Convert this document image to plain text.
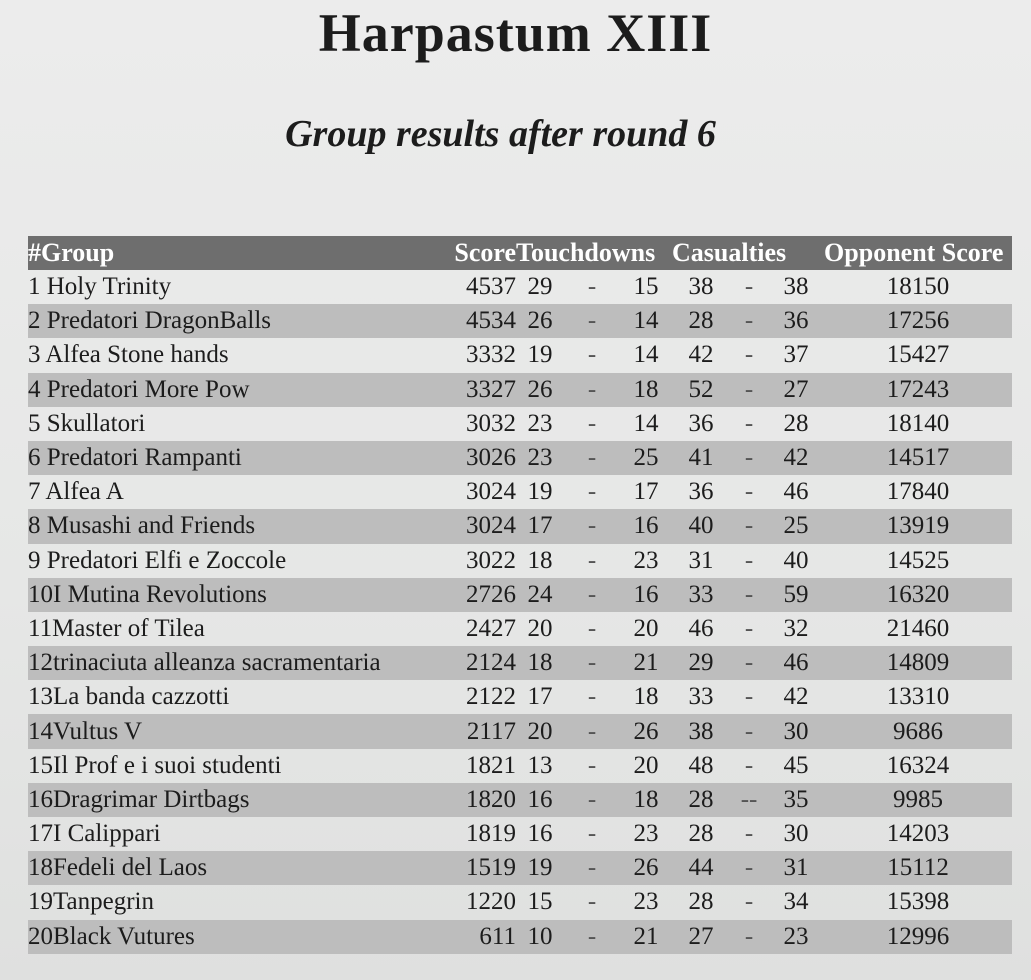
Harpastum XIII
Group results after round 6
#Group	Score	Touchdowns			Casualties			Opponent Score
1 Holy Trinity	4537	29	-	15	38	-	38	18150
2 Predatori DragonBalls	4534	26	-	14	28	-	36	17256
3 Alfea Stone hands	3332	19	-	14	42	-	37	15427
4 Predatori More Pow	3327	26	-	18	52	-	27	17243
5 Skullatori	3032	23	-	14	36	-	28	18140
6 Predatori Rampanti	3026	23	-	25	41	-	42	14517
7 Alfea A	3024	19	-	17	36	-	46	17840
8 Musashi and Friends	3024	17	-	16	40	-	25	13919
9 Predatori Elfi e Zoccole	3022	18	-	23	31	-	40	14525
10I Mutina Revolutions	2726	24	-	16	33	-	59	16320
11Master of Tilea	2427	20	-	20	46	-	32	21460
12trinaciuta alleanza sacramentaria	2124	18	-	21	29	-	46	14809
13La banda cazzotti	2122	17	-	18	33	-	42	13310
14Vultus V	2117	20	-	26	38	-	30	9686
15Il Prof e i suoi studenti	1821	13	-	20	48	-	45	16324
16Dragrimar Dirtbags	1820	16	-	18	28	--	35	9985
17I Calippari	1819	16	-	23	28	-	30	14203
18Fedeli del Laos	1519	19	-	26	44	-	31	15112
19Tanpegrin	1220	15	-	23	28	-	34	15398
20Black Vutures	611	10	-	21	27	-	23	12996
